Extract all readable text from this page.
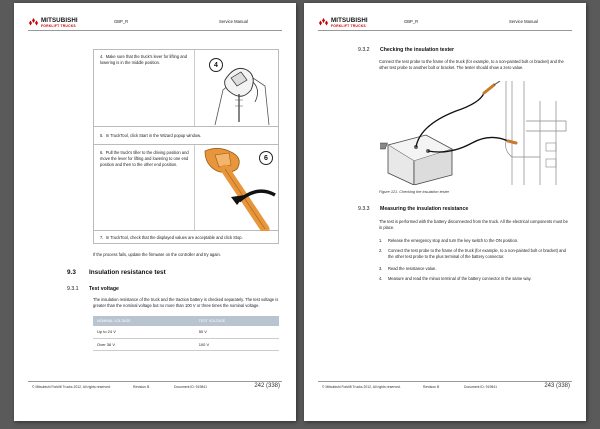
MITSUBISHI
FORKLIFT TRUCKS
GBP_R	Service Manual
4. Make sure that the truck's lever for lifting and lowering is in the middle position.	4
5. In TruckTool, click Start in the Wizard popup window.
6. Pull the truck's tiller to the driving position and move the lever for lifting and lowering to one end position and then to the other end position.
6
7. In TruckTool, check that the displayed values are acceptable and click Stop.
If the process fails, update the firmware on the controller and try again.
9.3 Insulation resistance test
9.3.1 Test voltage
The insulation resistance of the truck and the traction battery is checked separately. The test voltage is greater than the nominal voltage but no more than 100 V or three times the nominal voltage.
NOMINAL VOLTAGE	TEST VOLTAGE
Up to 24 V	50 V
Over 36 V	100 V
© Mitsubishi Forklift Trucks 2012, All rights reserved.	Revision B	Document ID: 919841	242 (338)
MITSUBISHI
FORKLIFT TRUCKS
GBP_R	Service Manual
9.3.2 Checking the insulation tester
Connect the test probe to the frame of the truck (for example, to a non-painted bolt or bracket) and the other test probe to another bolt or bracket. The tester should show a zero value.
Figure 121. Checking the insulation tester
9.3.3 Measuring the insulation resistance
The test is performed with the battery disconnected from the truck. All the electrical components must be in place.
1. Release the emergency stop and turn the key switch to the ON position.
2. Connect the test probe to the frame of the truck (for example, to a non-painted bolt or bracket) and the other test probe to the plus terminal of the battery connector.
3. Read the resistance value.
4. Measure and read the minus terminal of the battery connector in the same way.
© Mitsubishi Forklift Trucks 2012, All rights reserved.	Revision B	Document ID: 919841	243 (338)
